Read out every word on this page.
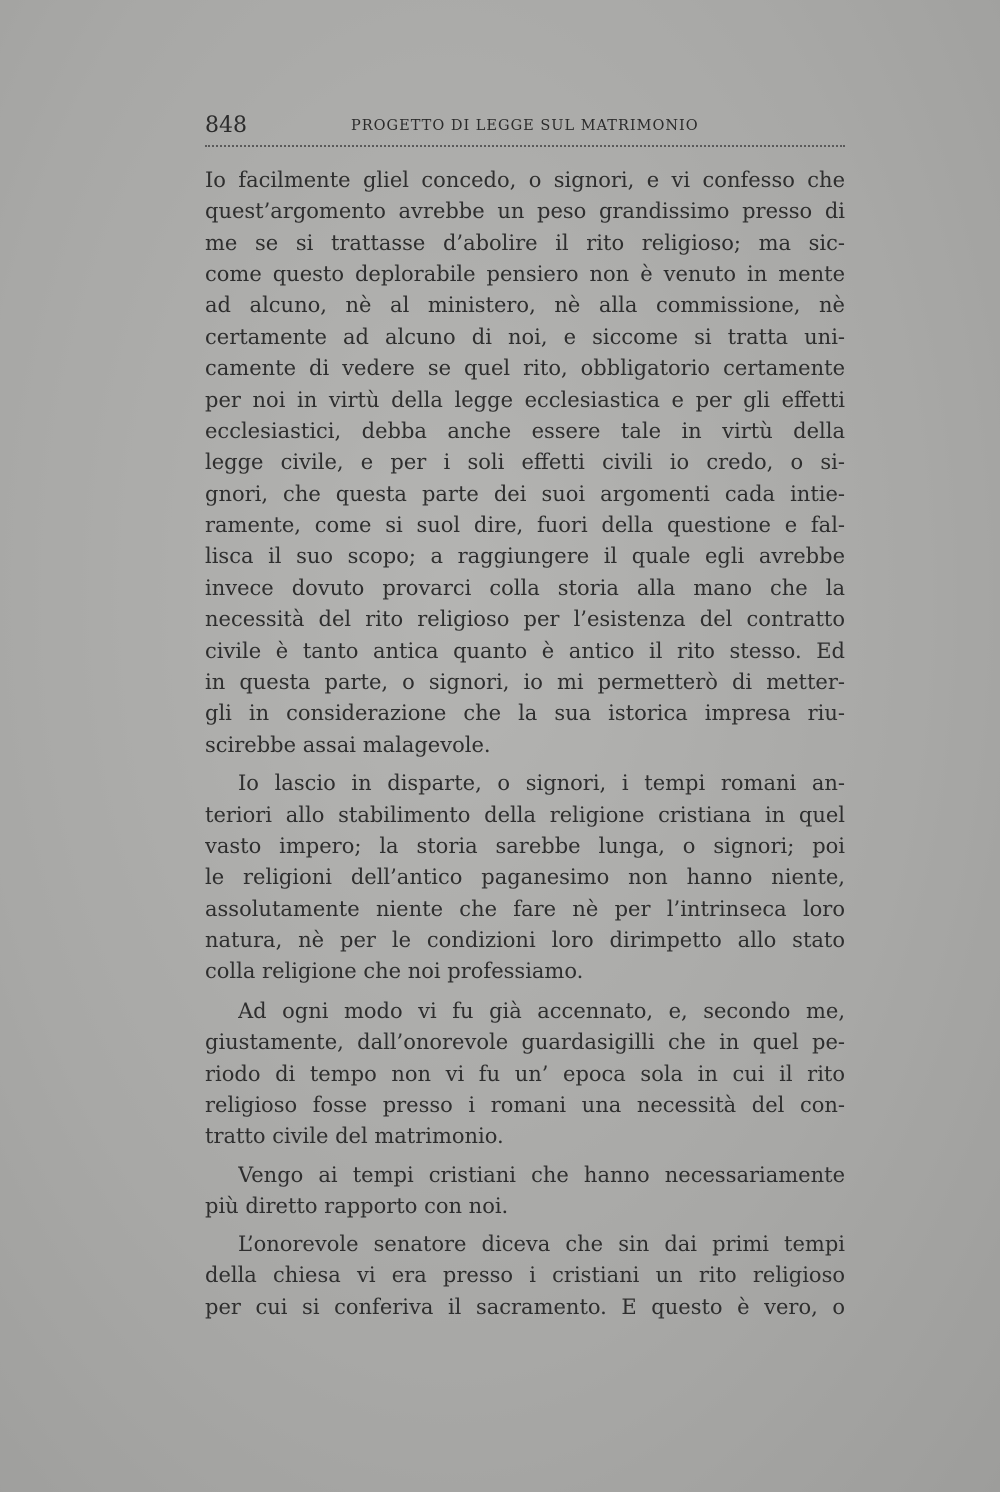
848	PROGETTO DI LEGGE SUL MATRIMONIO
Io facilmente gliel concedo, o signori, e vi confesso che
quest’argomento avrebbe un peso grandissimo presso di
me se si trattasse d’abolire il rito religioso; ma sic-
come questo deplorabile pensiero non è venuto in mente
ad alcuno, nè al ministero, nè alla commissione, nè
certamente ad alcuno di noi, e siccome si tratta uni-
camente di vedere se quel rito, obbligatorio certamente
per noi in virtù della legge ecclesiastica e per gli effetti
ecclesiastici, debba anche essere tale in virtù della
legge civile, e per i soli effetti civili io credo, o si-
gnori, che questa parte dei suoi argomenti cada intie-
ramente, come si suol dire, fuori della questione e fal-
lisca il suo scopo; a raggiungere il quale egli avrebbe
invece dovuto provarci colla storia alla mano che la
necessità del rito religioso per l’esistenza del contratto
civile è tanto antica quanto è antico il rito stesso. Ed
in questa parte, o signori, io mi permetterò di metter-
gli in considerazione che la sua istorica impresa riu-
scirebbe assai malagevole.
Io lascio in disparte, o signori, i tempi romani an-
teriori allo stabilimento della religione cristiana in quel
vasto impero; la storia sarebbe lunga, o signori; poi
le religioni dell’antico paganesimo non hanno niente,
assolutamente niente che fare nè per l’intrinseca loro
natura, nè per le condizioni loro dirimpetto allo stato
colla religione che noi professiamo.
Ad ogni modo vi fu già accennato, e, secondo me,
giustamente, dall’onorevole guardasigilli che in quel pe-
riodo di tempo non vi fu un’ epoca sola in cui il rito
religioso fosse presso i romani una necessità del con-
tratto civile del matrimonio.
Vengo ai tempi cristiani che hanno necessariamente
più diretto rapporto con noi.
L’onorevole senatore diceva che sin dai primi tempi
della chiesa vi era presso i cristiani un rito religioso
per cui si conferiva il sacramento. E questo è vero, o
